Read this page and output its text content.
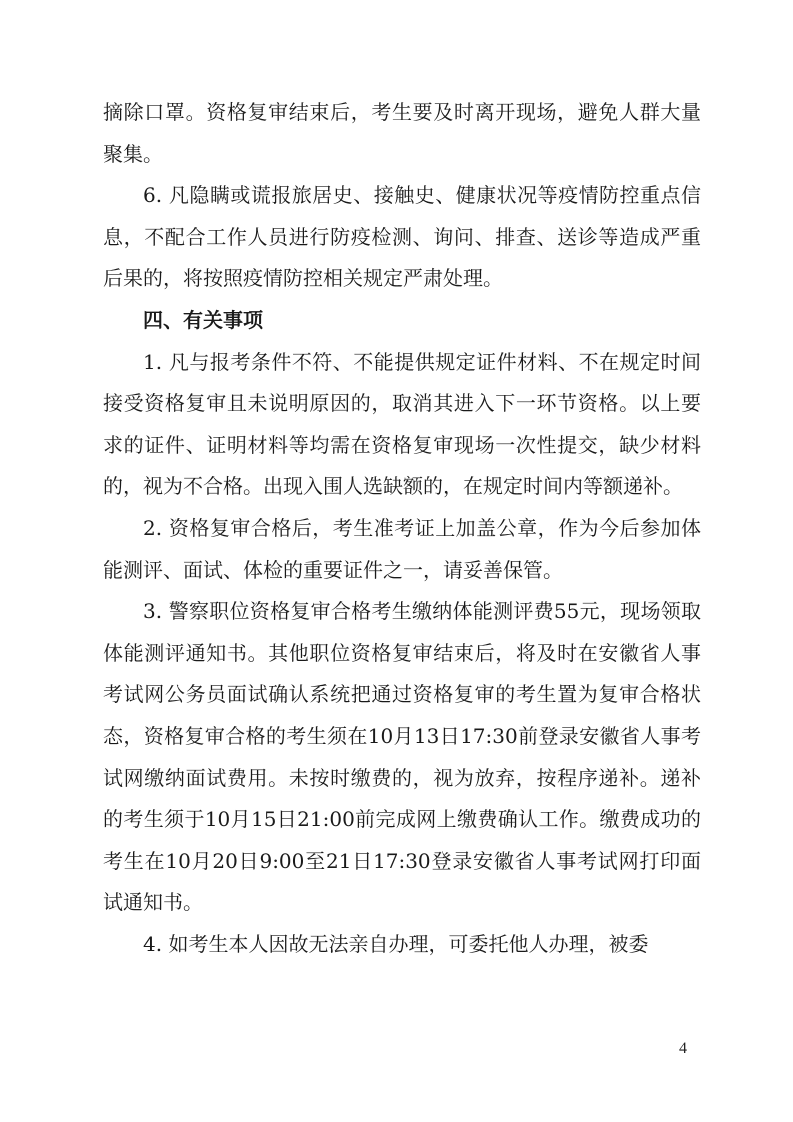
摘除口罩。资格复审结束后，考生要及时离开现场，避免人群大量聚集。

6. 凡隐瞒或谎报旅居史、接触史、健康状况等疫情防控重点信息，不配合工作人员进行防疫检测、询问、排查、送诊等造成严重后果的，将按照疫情防控相关规定严肃处理。

四、有关事项

1. 凡与报考条件不符、不能提供规定证件材料、不在规定时间接受资格复审且未说明原因的，取消其进入下一环节资格。以上要求的证件、证明材料等均需在资格复审现场一次性提交，缺少材料的，视为不合格。出现入围人选缺额的，在规定时间内等额递补。

2. 资格复审合格后，考生准考证上加盖公章，作为今后参加体能测评、面试、体检的重要证件之一，请妥善保管。

3. 警察职位资格复审合格考生缴纳体能测评费55元，现场领取体能测评通知书。其他职位资格复审结束后，将及时在安徽省人事考试网公务员面试确认系统把通过资格复审的考生置为复审合格状态，资格复审合格的考生须在10月13日17:30前登录安徽省人事考试网缴纳面试费用。未按时缴费的，视为放弃，按程序递补。递补的考生须于10月15日21:00前完成网上缴费确认工作。缴费成功的考生在10月20日9:00至21日17:30登录安徽省人事考试网打印面试通知书。

4. 如考生本人因故无法亲自办理，可委托他人办理，被委

4
